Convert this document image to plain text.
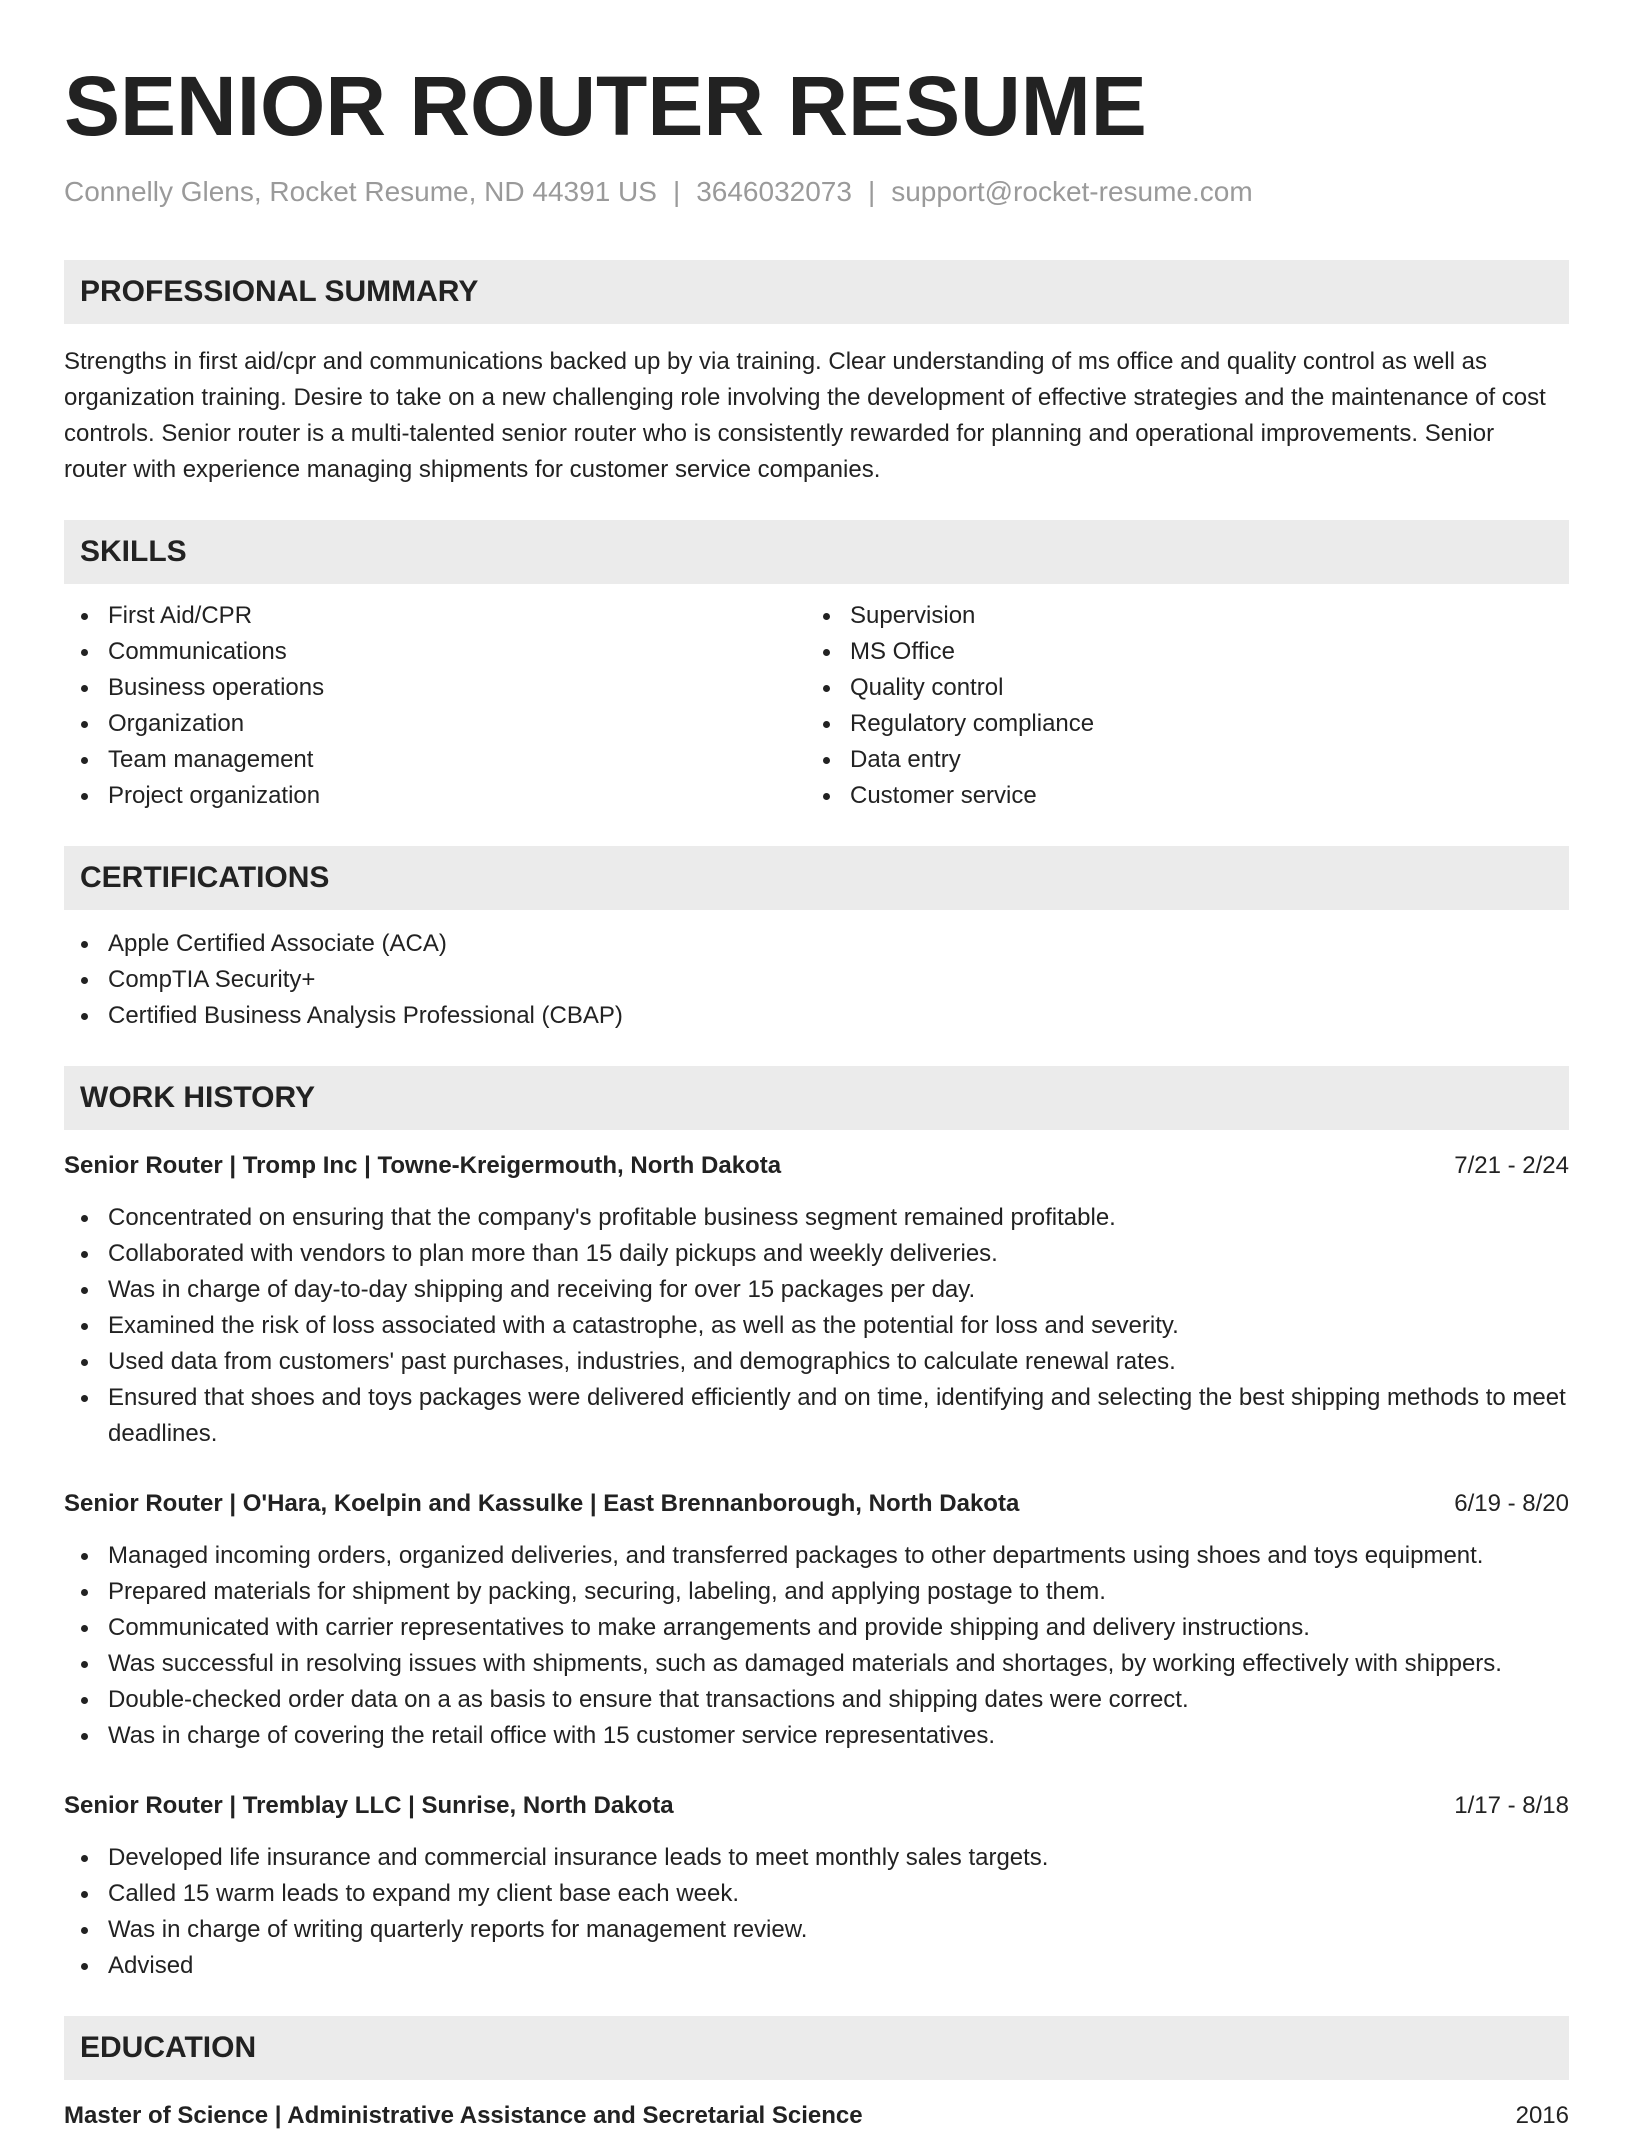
SENIOR ROUTER RESUME
Connelly Glens, Rocket Resume, ND 44391 US | 3646032073 | support@rocket-resume.com
PROFESSIONAL SUMMARY

Strengths in first aid/cpr and communications backed up by via training. Clear understanding of ms office and quality control as well as organization training. Desire to take on a new challenging role involving the development of effective strategies and the maintenance of cost controls. Senior router is a multi-talented senior router who is consistently rewarded for planning and operational improvements. Senior router with experience managing shipments for customer service companies.

SKILLS
First Aid/CPR
Communications
Business operations
Organization
Team management
Project organization
Supervision
MS Office
Quality control
Regulatory compliance
Data entry
Customer service
CERTIFICATIONS
Apple Certified Associate (ACA)
CompTIA Security+
Certified Business Analysis Professional (CBAP)
WORK HISTORY
Senior Router | Tromp Inc | Towne-Kreigermouth, North Dakota	7/21 - 2/24
Concentrated on ensuring that the company's profitable business segment remained profitable.
Collaborated with vendors to plan more than 15 daily pickups and weekly deliveries.
Was in charge of day-to-day shipping and receiving for over 15 packages per day.
Examined the risk of loss associated with a catastrophe, as well as the potential for loss and severity.
Used data from customers' past purchases, industries, and demographics to calculate renewal rates.
Ensured that shoes and toys packages were delivered efficiently and on time, identifying and selecting the best shipping methods to meet deadlines.
Senior Router | O'Hara, Koelpin and Kassulke | East Brennanborough, North Dakota	6/19 - 8/20
Managed incoming orders, organized deliveries, and transferred packages to other departments using shoes and toys equipment.
Prepared materials for shipment by packing, securing, labeling, and applying postage to them.
Communicated with carrier representatives to make arrangements and provide shipping and delivery instructions.
Was successful in resolving issues with shipments, such as damaged materials and shortages, by working effectively with shippers.
Double-checked order data on a as basis to ensure that transactions and shipping dates were correct.
Was in charge of covering the retail office with 15 customer service representatives.
Senior Router | Tremblay LLC | Sunrise, North Dakota	1/17 - 8/18
Developed life insurance and commercial insurance leads to meet monthly sales targets.
Called 15 warm leads to expand my client base each week.
Was in charge of writing quarterly reports for management review.
Advised
EDUCATION
Master of Science | Administrative Assistance and Secretarial Science	2016
